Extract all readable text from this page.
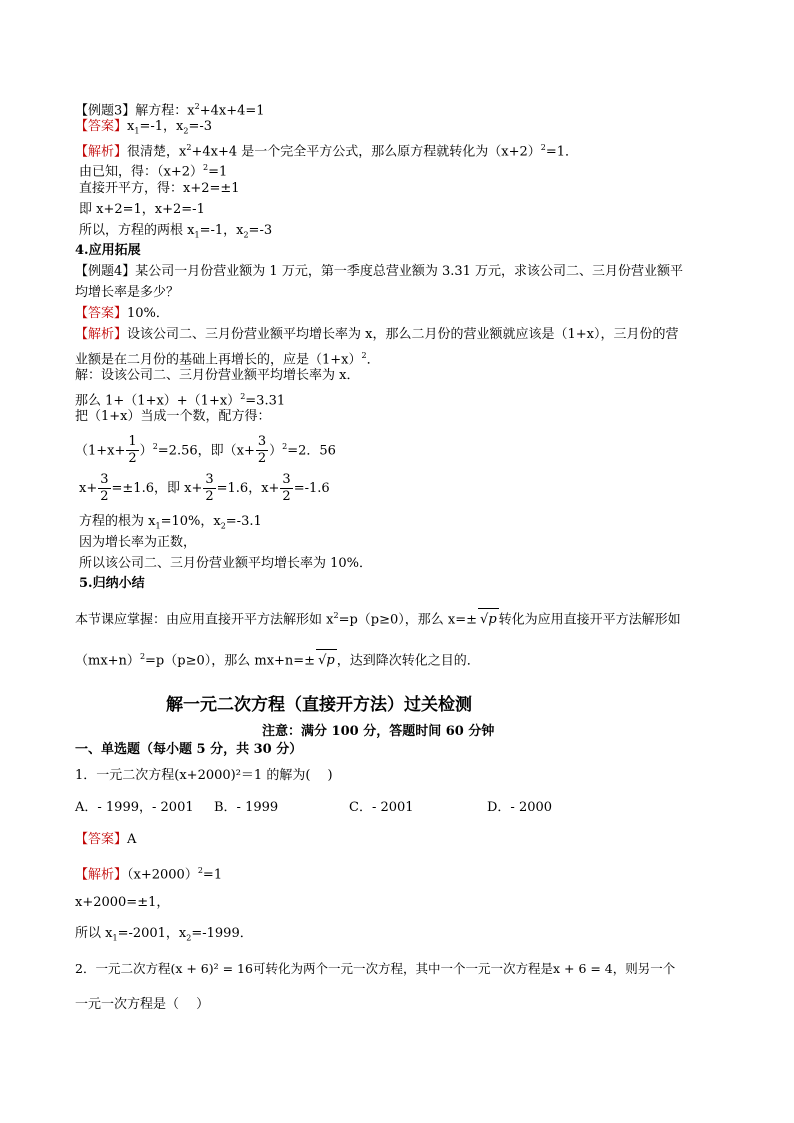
【例题3】解方程：$x^2+4x+4=1$
【答案】$x_1=-1$，$x_2=-3$
【解析】很清楚，$x^2+4x+4$ 是一个完全平方公式，那么原方程就转化为$(x+2)^2=1$．
由已知，得：$(x+2)^2=1$
直接开平方，得：x+2=±1
即 x+2=1，x+2=-1
所以，方程的两根 $x_1=-1$，$x_2=-3$
4.应用拓展
【例题4】某公司一月份营业额为 1 万元，第一季度总营业额为 3.31 万元，求该公司二、三月份营业额平
均增长率是多少？
【答案】10%．
【解析】设该公司二、三月份营业额平均增长率为 x，那么二月份的营业额就应该是（1+x），三月份的营
业额是在二月份的基础上再增长的，应是$(1+x)^2$．
解：设该公司二、三月份营业额平均增长率为 x．
那么 $1+(1+x)+(1+x)^2=3.31$
把（1+x）当成一个数，配方得：
$(1+x+ \frac{1}{2} )^2=2.56$，即$(x+ \frac{3}{2} )^2=2$．56
$x+ \frac{3}{2} =\pm 1.6$，即 $x+ \frac{3}{2} =1.6$，$x+ \frac{3}{2} =-1.6$
方程的根为 $x_1=10\%$，$x_2=-3.1$
因为增长率为正数，
所以该公司二、三月份营业额平均增长率为 10%．
5.归纳小结
本节课应掌握：由应用直接开平方法解形如 $x^2=p(p\ge 0)$，那么 x=± √p 转化为应用直接开平方法解形如
$(mx+n)^2=p(p\ge 0)$，那么 mx+n=± √p ，达到降次转化之目的．
解一元二次方程（直接开方法）过关检测
注意：满分 100 分，答题时间 60 分钟
一、单选题（每小题 5 分，共 30 分）
1．一元二次方程(x+2000)²＝1 的解为(　 )
A．- 1999，- 2001 B．- 1999	C．- 2001	D．- 2000
【答案】A
【解析】$(x+2000)^2=1$
x+2000=±1，
所以 $x_1=-2001$，$x_2=-1999$．
2．一元二次方程(x + 6)² = 16可转化为两个一元一次方程，其中一个一元一次方程是x + 6 = 4，则另一个
一元一次方程是（　 ）
